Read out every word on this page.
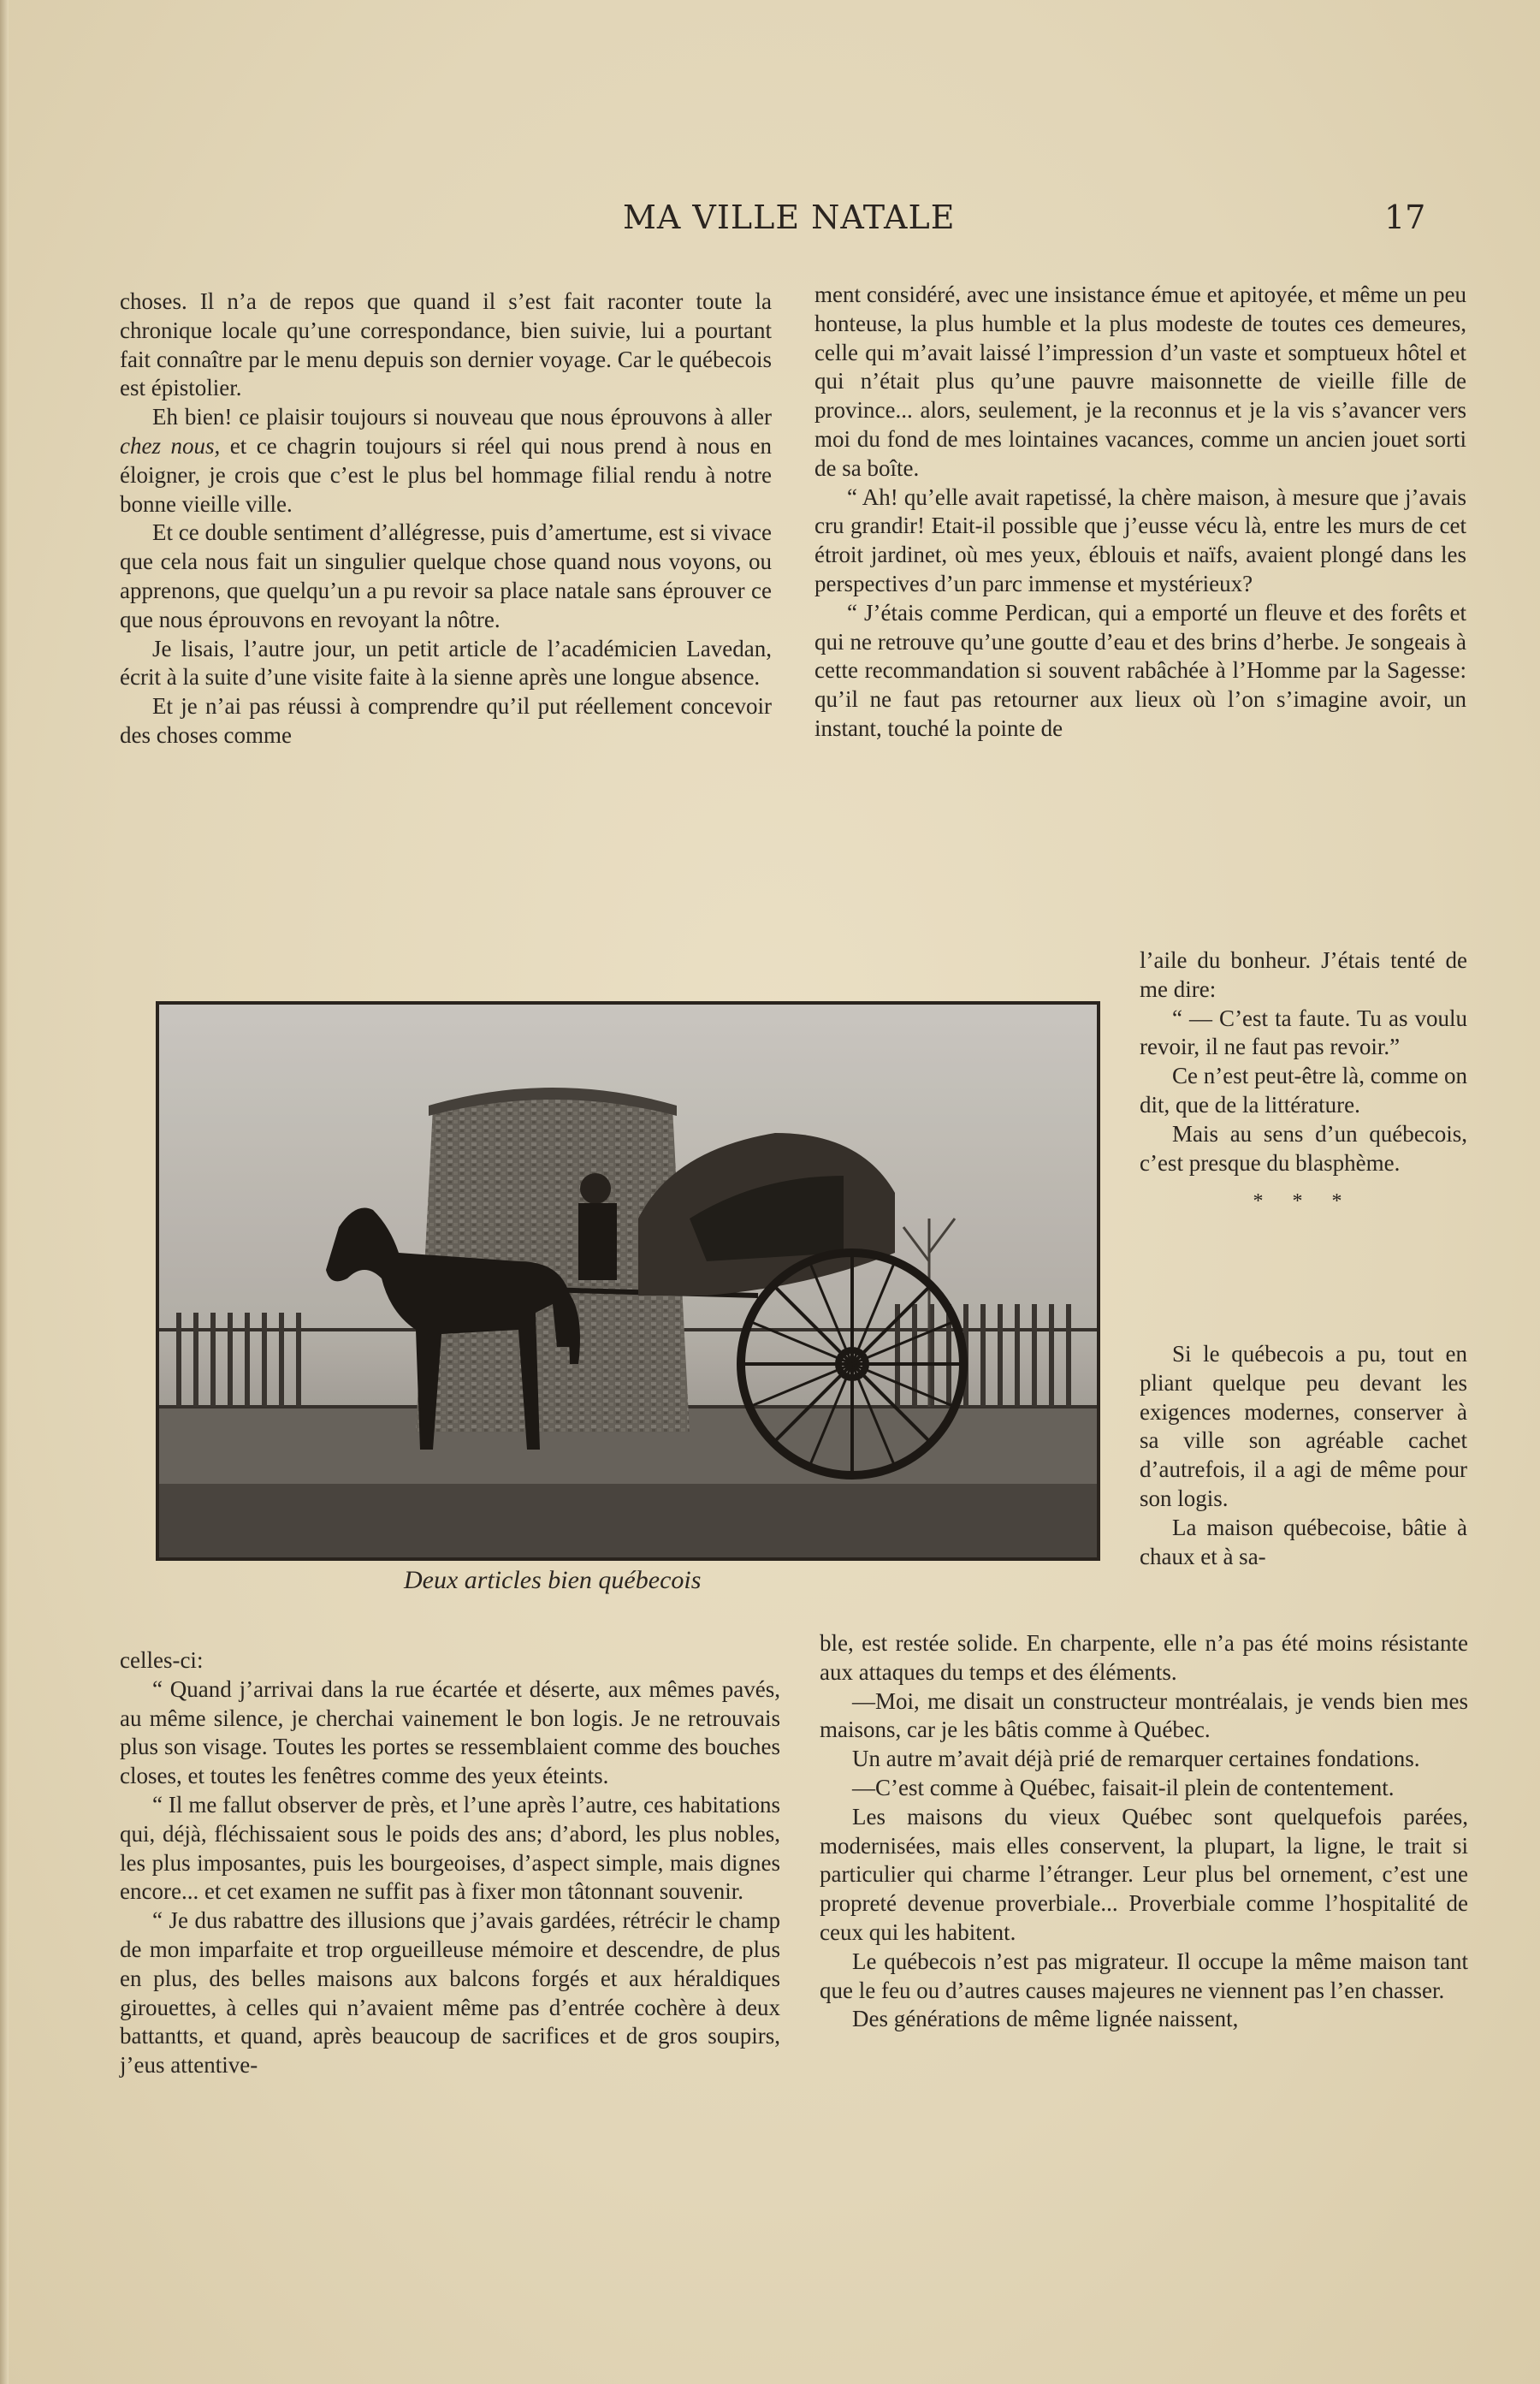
MA VILLE NATALE	17

choses. Il n’a de repos que quand il s’est fait raconter toute la chronique locale qu’une correspondance, bien suivie, lui a pourtant fait connaître par le menu depuis son dernier voyage. Car le québecois est épistolier.

Eh bien! ce plaisir toujours si nouveau que nous éprouvons à aller chez nous, et ce chagrin toujours si réel qui nous prend à nous en éloigner, je crois que c’est le plus bel hommage filial rendu à notre bonne vieille ville.

Et ce double sentiment d’allégresse, puis d’amertume, est si vivace que cela nous fait un singulier quelque chose quand nous voyons, ou apprenons, que quelqu’un a pu revoir sa place natale sans éprouver ce que nous éprouvons en revoyant la nôtre.

Je lisais, l’autre jour, un petit article de l’académicien Lavedan, écrit à la suite d’une visite faite à la sienne après une longue absence.

Et je n’ai pas réussi à comprendre qu’il put réellement concevoir des choses comme

ment considéré, avec une insistance émue et apitoyée, et même un peu honteuse, la plus humble et la plus modeste de toutes ces demeures, celle qui m’avait laissé l’impression d’un vaste et somptueux hôtel et qui n’était plus qu’une pauvre maisonnette de vieille fille de province... alors, seulement, je la reconnus et je la vis s’avancer vers moi du fond de mes lointaines vacances, comme un ancien jouet sorti de sa boîte.

“ Ah! qu’elle avait rapetissé, la chère maison, à mesure que j’avais cru grandir! Etait-il possible que j’eusse vécu là, entre les murs de cet étroit jardinet, où mes yeux, éblouis et naïfs, avaient plongé dans les perspectives d’un parc immense et mystérieux?

“ J’étais comme Perdican, qui a emporté un fleuve et des forêts et qui ne retrouve qu’une goutte d’eau et des brins d’herbe. Je songeais à cette recommandation si souvent rabâchée à l’Homme par la Sagesse: qu’il ne faut pas retourner aux lieux où l’on s’imagine avoir, un instant, touché la pointe de

l’aile du bonheur. J’étais tenté de me dire:

“ — C’est ta faute. Tu as voulu revoir, il ne faut pas revoir.”

Ce n’est peut-être là, comme on dit, que de la littérature.

Mais au sens d’un québecois, c’est presque du blasphème.

* * *

Si le québecois a pu, tout en pliant quelque peu devant les exigences modernes, conserver à sa ville son agréable cachet d’autrefois, il a agi de même pour son logis.

La maison québecoise, bâtie à chaux et à sa-

Deux articles bien québecois

celles-ci:

“ Quand j’arrivai dans la rue écartée et déserte, aux mêmes pavés, au même silence, je cherchai vainement le bon logis. Je ne retrouvais plus son visage. Toutes les portes se ressemblaient comme des bouches closes, et toutes les fenêtres comme des yeux éteints.

“ Il me fallut observer de près, et l’une après l’autre, ces habitations qui, déjà, fléchissaient sous le poids des ans; d’abord, les plus nobles, les plus imposantes, puis les bourgeoises, d’aspect simple, mais dignes encore... et cet examen ne suffit pas à fixer mon tâtonnant souvenir.

“ Je dus rabattre des illusions que j’avais gardées, rétrécir le champ de mon imparfaite et trop orgueilleuse mémoire et descendre, de plus en plus, des belles maisons aux balcons forgés et aux héraldiques girouettes, à celles qui n’avaient même pas d’entrée cochère à deux battantts, et quand, après beaucoup de sacrifices et de gros soupirs, j’eus attentive-

ble, est restée solide. En charpente, elle n’a pas été moins résistante aux attaques du temps et des éléments.

—Moi, me disait un constructeur montréalais, je vends bien mes maisons, car je les bâtis comme à Québec.

Un autre m’avait déjà prié de remarquer certaines fondations.

—C’est comme à Québec, faisait-il plein de contentement.

Les maisons du vieux Québec sont quelquefois parées, modernisées, mais elles conservent, la plupart, la ligne, le trait si particulier qui charme l’étranger. Leur plus bel ornement, c’est une propreté devenue proverbiale... Proverbiale comme l’hospitalité de ceux qui les habitent.

Le québecois n’est pas migrateur. Il occupe la même maison tant que le feu ou d’autres causes majeures ne viennent pas l’en chasser.

Des générations de même lignée naissent,
